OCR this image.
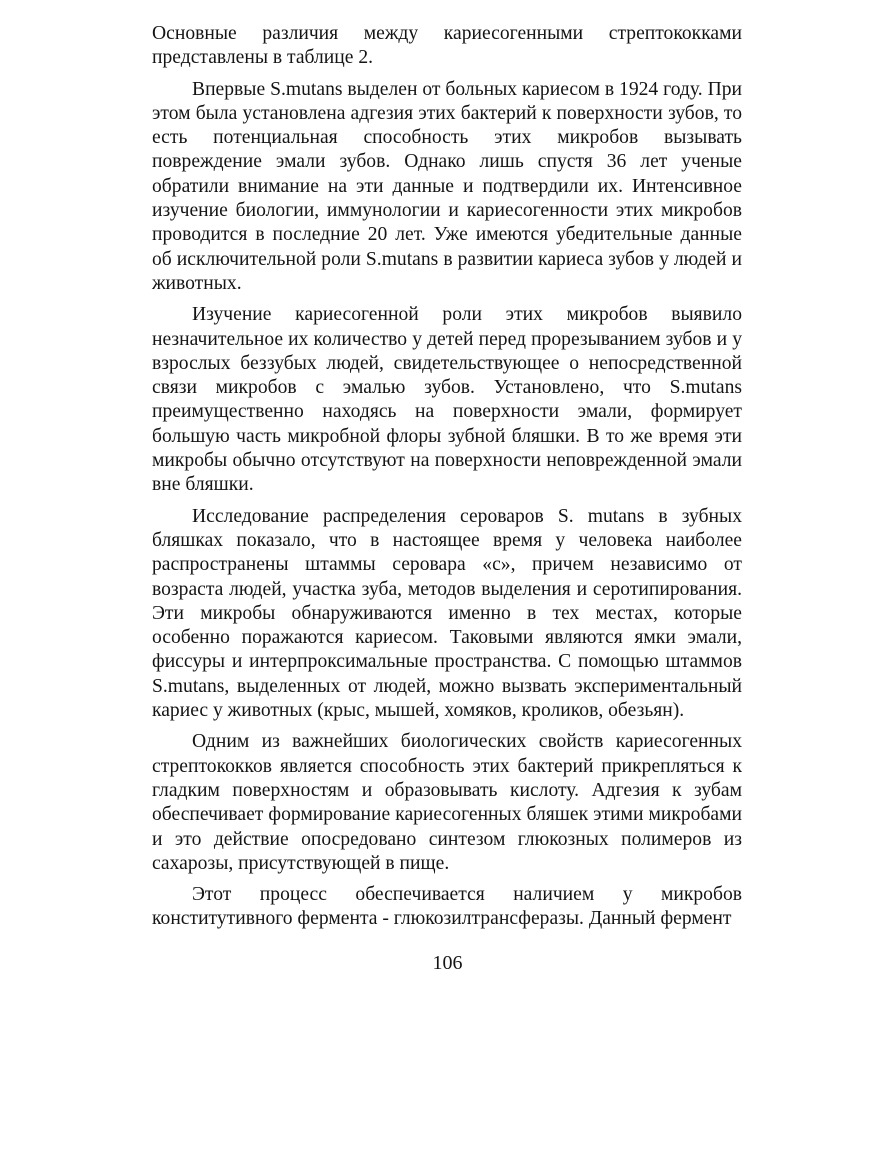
Основные различия между кариесогенными стрептококками представлены в таблице 2.

Впервые S.mutans выделен от больных кариесом в 1924 году. При этом была установлена адгезия этих бактерий к поверхности зубов, то есть потенциальная способность этих микробов вызывать повреждение эмали зубов. Однако лишь спустя 36 лет ученые обратили внимание на эти данные и подтвердили их. Интенсивное изучение биологии, иммунологии и кариесогенности этих микробов проводится в последние 20 лет. Уже имеются убедительные данные об исключительной роли S.mutans в развитии кариеса зубов у людей и животных.

Изучение кариесогенной роли этих микробов выявило незначительное их количество у детей перед прорезыванием зубов и у взрослых беззубых людей, свидетельствующее о непосредственной связи микробов с эмалью зубов. Установлено, что S.mutans преимущественно находясь на поверхности эмали, формирует большую часть микробной флоры зубной бляшки. В то же время эти микробы обычно отсутствуют на поверхности неповрежденной эмали вне бляшки.

Исследование распределения сероваров S. mutans в зубных бляшках показало, что в настоящее время у человека наиболее распространены штаммы серовара «с», причем независимо от возраста людей, участка зуба, методов выделения и серотипирования. Эти микробы обнаруживаются именно в тех местах, которые особенно поражаются кариесом. Таковыми являются ямки эмали, фиссуры и интерпроксимальные пространства. С помощью штаммов S.mutans, выделенных от людей, можно вызвать экспериментальный кариес у животных (крыс, мышей, хомяков, кроликов, обезьян).

Одним из важнейших биологических свойств кариесогенных стрептококков является способность этих бактерий прикрепляться к гладким поверхностям и образовывать кислоту. Адгезия к зубам обеспечивает формирование кариесогенных бляшек этими микробами и это действие опосредовано синтезом глюкозных полимеров из сахарозы, присутствующей в пище.

Этот процесс обеспечивается наличием у микробов конститутивного фермента - глюкозилтрансферазы. Данный фермент

106
